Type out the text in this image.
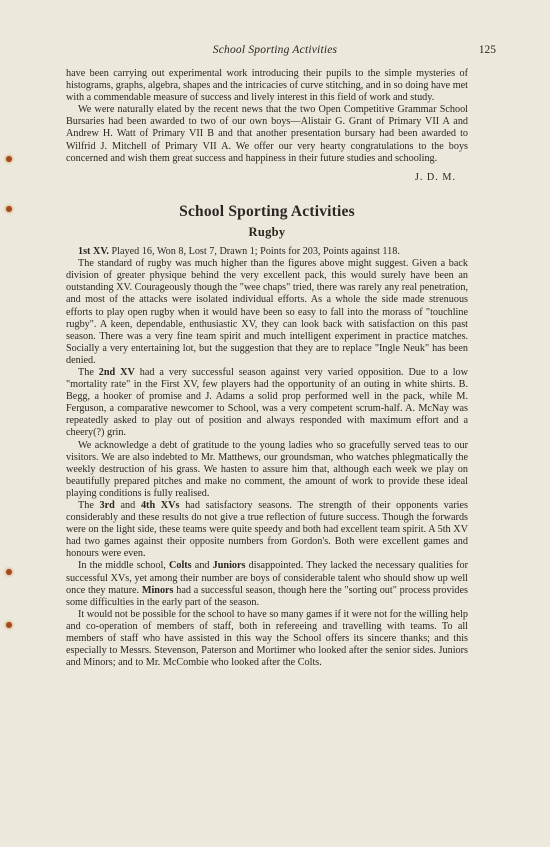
School Sporting Activities	125

have been carrying out experimental work introducing their pupils to the simple mysteries of histograms, graphs, algebra, shapes and the intricacies of curve stitching, and in so doing have met with a commendable measure of success and lively interest in this field of work and study.

We were naturally elated by the recent news that the two Open Competitive Grammar School Bursaries had been awarded to two of our own boys—Alistair G. Grant of Primary VII A and Andrew H. Watt of Primary VII B and that another presentation bursary had been awarded to Wilfrid J. Mitchell of Primary VII A. We offer our very hearty congratulations to the boys concerned and wish them great success and happiness in their future studies and schooling.

J. D. M.

School Sporting Activities
Rugby

1st XV. Played 16, Won 8, Lost 7, Drawn 1; Points for 203, Points against 118.

The standard of rugby was much higher than the figures above might suggest. Given a back division of greater physique behind the very excellent pack, this would surely have been an outstanding XV. Courageously though the "wee chaps" tried, there was rarely any real penetration, and most of the attacks were isolated individual efforts. As a whole the side made strenuous efforts to play open rugby when it would have been so easy to fall into the morass of "touchline rugby". A keen, dependable, enthusiastic XV, they can look back with satisfaction on this past season. There was a very fine team spirit and much intelligent experiment in practice matches. Socially a very entertaining lot, but the suggestion that they are to replace "Ingle Neuk" has been denied.

The 2nd XV had a very successful season against very varied opposition. Due to a low "mortality rate" in the First XV, few players had the opportunity of an outing in white shirts. B. Begg, a hooker of promise and J. Adams a solid prop performed well in the pack, while M. Ferguson, a comparative newcomer to School, was a very competent scrum-half. A. McNay was repeatedly asked to play out of position and always responded with maximum effort and a cheery(?) grin.

We acknowledge a debt of gratitude to the young ladies who so gracefully served teas to our visitors. We are also indebted to Mr. Matthews, our groundsman, who watches phlegmatically the weekly destruction of his grass. We hasten to assure him that, although each week we play on beautifully prepared pitches and make no comment, the amount of work to provide these ideal playing conditions is fully realised.

The 3rd and 4th XVs had satisfactory seasons. The strength of their opponents varies considerably and these results do not give a true reflection of future success. Though the forwards were on the light side, these teams were quite speedy and both had excellent team spirit. A 5th XV had two games against their opposite numbers from Gordon's. Both were excellent games and honours were even.

In the middle school, Colts and Juniors disappointed. They lacked the necessary qualities for successful XVs, yet among their number are boys of considerable talent who should show up well once they mature. Minors had a successful season, though here the "sorting out" process provides some difficulties in the early part of the season.

It would not be possible for the school to have so many games if it were not for the willing help and co-operation of members of staff, both in refereeing and travelling with teams. To all members of staff who have assisted in this way the School offers its sincere thanks; and this especially to Messrs. Stevenson, Paterson and Mortimer who looked after the senior sides. Juniors and Minors; and to Mr. McCombie who looked after the Colts.
